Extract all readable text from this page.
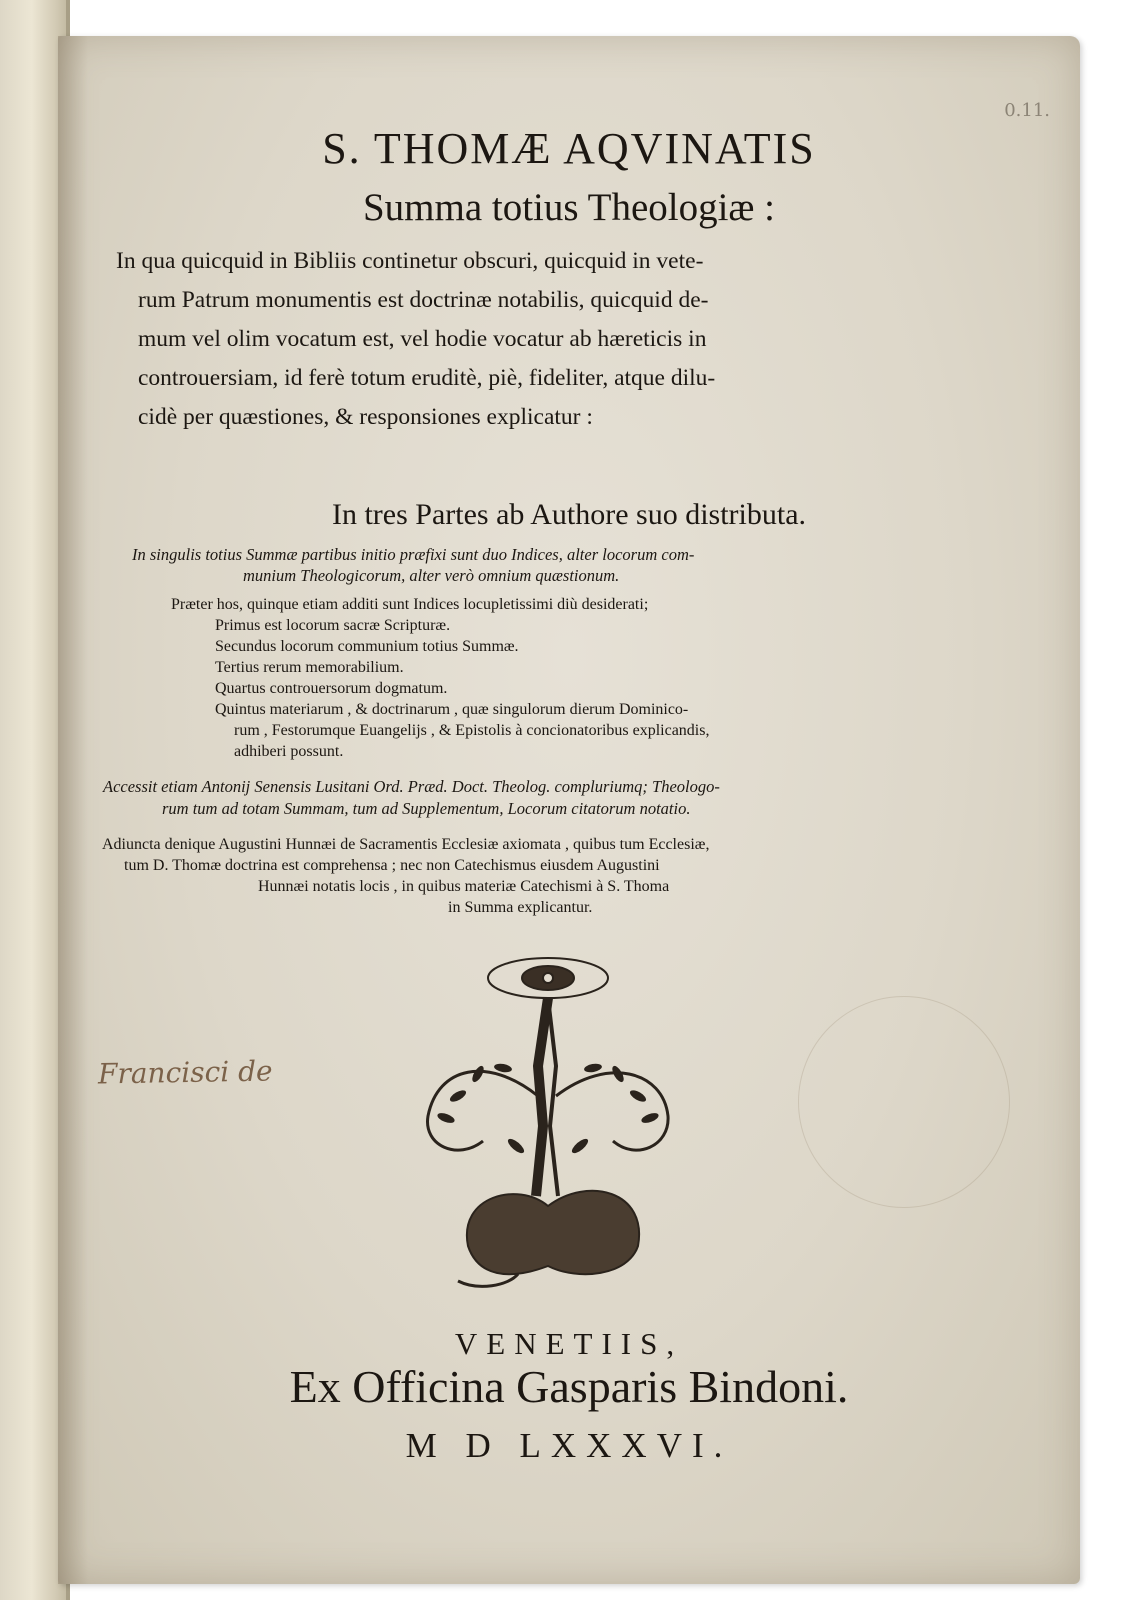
0.11.
S. THOMÆ AQVINATIS
Summa totius Theologiæ :
In qua quicquid in Bibliis continetur obscuri, quicquid in vete-
rum Patrum monumentis est doctrinæ notabilis, quicquid de-
mum vel olim vocatum est, vel hodie vocatur ab hæreticis in
controuersiam, id ferè totum eruditè, piè, fideliter, atque dilu-
cidè per quæstiones, & responsiones explicatur :
In tres Partes ab Authore suo distributa.
In singulis totius Summæ partibus initio præfixi sunt duo Indices, alter locorum com-
munium Theologicorum, alter verò omnium quæstionum.
Præter hos, quinque etiam additi sunt Indices locupletissimi diù desiderati;
Primus est locorum sacræ Scripturæ.
Secundus locorum communium totius Summæ.
Tertius rerum memorabilium.
Quartus controuersorum dogmatum.
Quintus materiarum , & doctrinarum , quæ singulorum dierum Dominico-
rum , Festorumque Euangelijs , & Epistolis à concionatoribus explicandis,
adhiberi possunt.
Accessit etiam Antonij Senensis Lusitani Ord. Præd. Doct. Theolog. compluriumq; Theologo-
rum tum ad totam Summam, tum ad Supplementum, Locorum citatorum notatio.
Adiuncta denique Augustini Hunnæi de Sacramentis Ecclesiæ axiomata , quibus tum Ecclesiæ,
tum D. Thomæ doctrina est comprehensa ; nec non Catechismus eiusdem Augustini
Hunnæi notatis locis , in quibus materiæ Catechismi à S. Thoma
in Summa explicantur.
Francisci de
VENETIIS,
Ex Officina Gasparis Bindoni.
M D LXXXVI.
